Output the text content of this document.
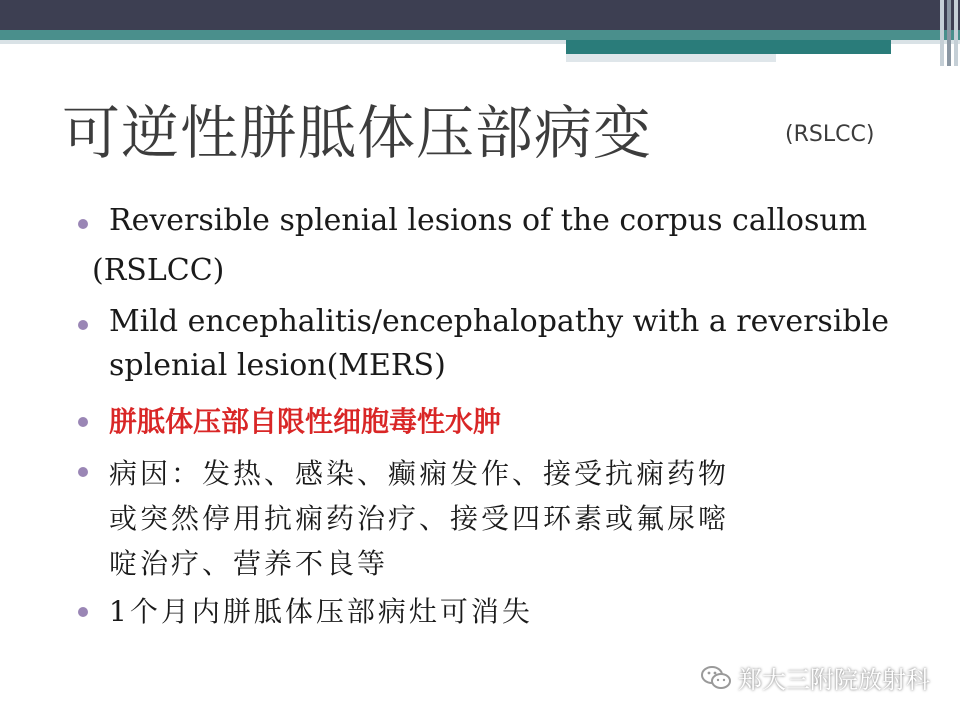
可逆性胼胝体压部病变	(RSLCC)
Reversible splenial lesions of the corpus callosum
(RSLCC)
Mild encephalitis/encephalopathy with a reversible
splenial lesion(MERS)
胼胝体压部自限性细胞毒性水肿
病因：发热、感染、癫痫发作、接受抗痫药物
或突然停用抗痫药治疗、接受四环素或氟尿嘧
啶治疗、营养不良等
1个月内胼胝体压部病灶可消失
郑大三附院放射科
